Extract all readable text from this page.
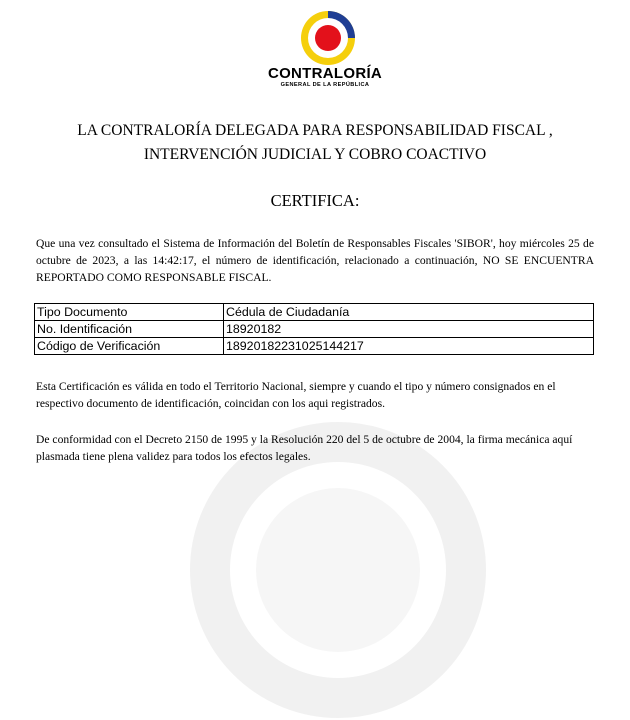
CONTRALORÍA
GENERAL DE LA REPÚBLICA
LA CONTRALORÍA DELEGADA PARA RESPONSABILIDAD FISCAL ,
INTERVENCIÓN JUDICIAL Y COBRO COACTIVO
CERTIFICA:
Que una vez consultado el Sistema de Información del Boletín de Responsables Fiscales 'SIBOR', hoy miércoles 25 de octubre de 2023, a las 14:42:17, el número de identificación, relacionado a continuación, NO SE ENCUENTRA REPORTADO COMO RESPONSABLE FISCAL.
Tipo Documento	Cédula de Ciudadanía
No. Identificación	18920182
Código de Verificación	18920182231025144217
Esta Certificación es válida en todo el Territorio Nacional, siempre y cuando el tipo y número consignados en el respectivo documento de identificación, coincidan con los aqui registrados.
De conformidad con el Decreto 2150 de 1995 y la Resolución 220 del 5 de octubre de 2004, la firma mecánica aquí plasmada tiene plena validez para todos los efectos legales.
